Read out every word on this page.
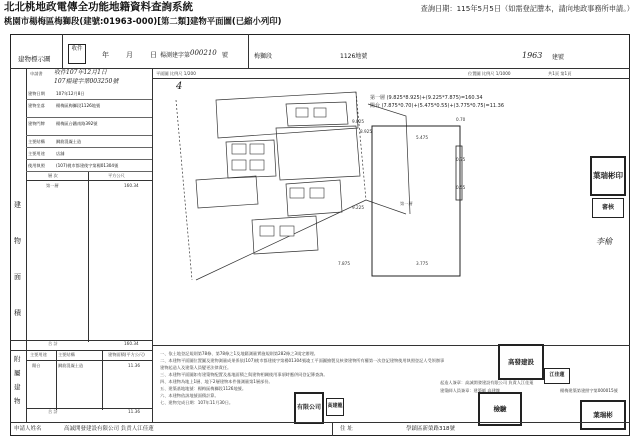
北北桃地政電傳全功能地籍資料查詢系統
桃園市楊梅區梅獅段(建號:01963-000)[第二類]建物平面圖(已縮小列印)
查詢日期：115年5月5日（如需登記謄本，請向地政事務所申請。）
建物標示圖
收件
年 月 日 楊測建字第 000210 號	梅獅段	1126地號	1963 建號
申請書 收件107年12月1日
107楊建字第003250號
建物日期	107年12月8日
建物坐落	楊梅區梅獅段1126地號
建物門牌	楊梅區台鐵南路392號
主要結構	鋼筋混凝土造
主要用途	店舖
使用執照	(107)桃市都建使字第楊01304號
層 次	平方公尺
第一層	160.34
建
物
面
積
合 計	160.34
主要用途	主要結構	建物面積(平方公尺)
陽台	鋼筋混凝土造	11.36
附
屬
建
物
合 計	11.36
平面圖 比例尺 1/200	位置圖 比例尺 1/1000	共1頁 第1頁
4
第一層 (9.825*8.925)+(9.225*7.875)=160.34
陽台 (7.875*0.70)+(5.475*0.55)+(3.775*0.75)=11.36
第一層
9.825
8.925
7.875
9.225
0.70
0.55
0.75
5.475
3.775
葉瑞彬印
審核
李榆
一、依土地登記規則第78條、第78條之1及地籍測量實施規則第282條之3規定辦理。
二、本建物平面圖位置圖及建物測量成果係依(107)桃市都建使字第楊01304號竣工平面圖繪製及核發建物所有權第一次登記建物使用執照登記人受領辦事
建物起造人及建築人員變更法律責任。
三、本建物平面圖如有建築物配置及基地面積之與建物相關使用事項時應併同登記簿查詢。
四、本建物為地上1層、地下2層建物本件僅測量第1層部份。
五、建築基地地號：楊梅區梅獅段1126地號。
六、本建物依該地號面積計算。
七、建物完成日期：107年11月30日。
起造人簽章：高誠開發建設有限公司 負責人江佳蓮
建築師人員簽章：建築師 高建龍	楊梅建築第建照字第000015號
高發建設
江佳蓮
有限公司	高建龍	檢驗
葉瑞彬
申請人姓名	高誠開發建設有限公司 負責人江佳蓮	住 址	學鎮區新榮路318號
